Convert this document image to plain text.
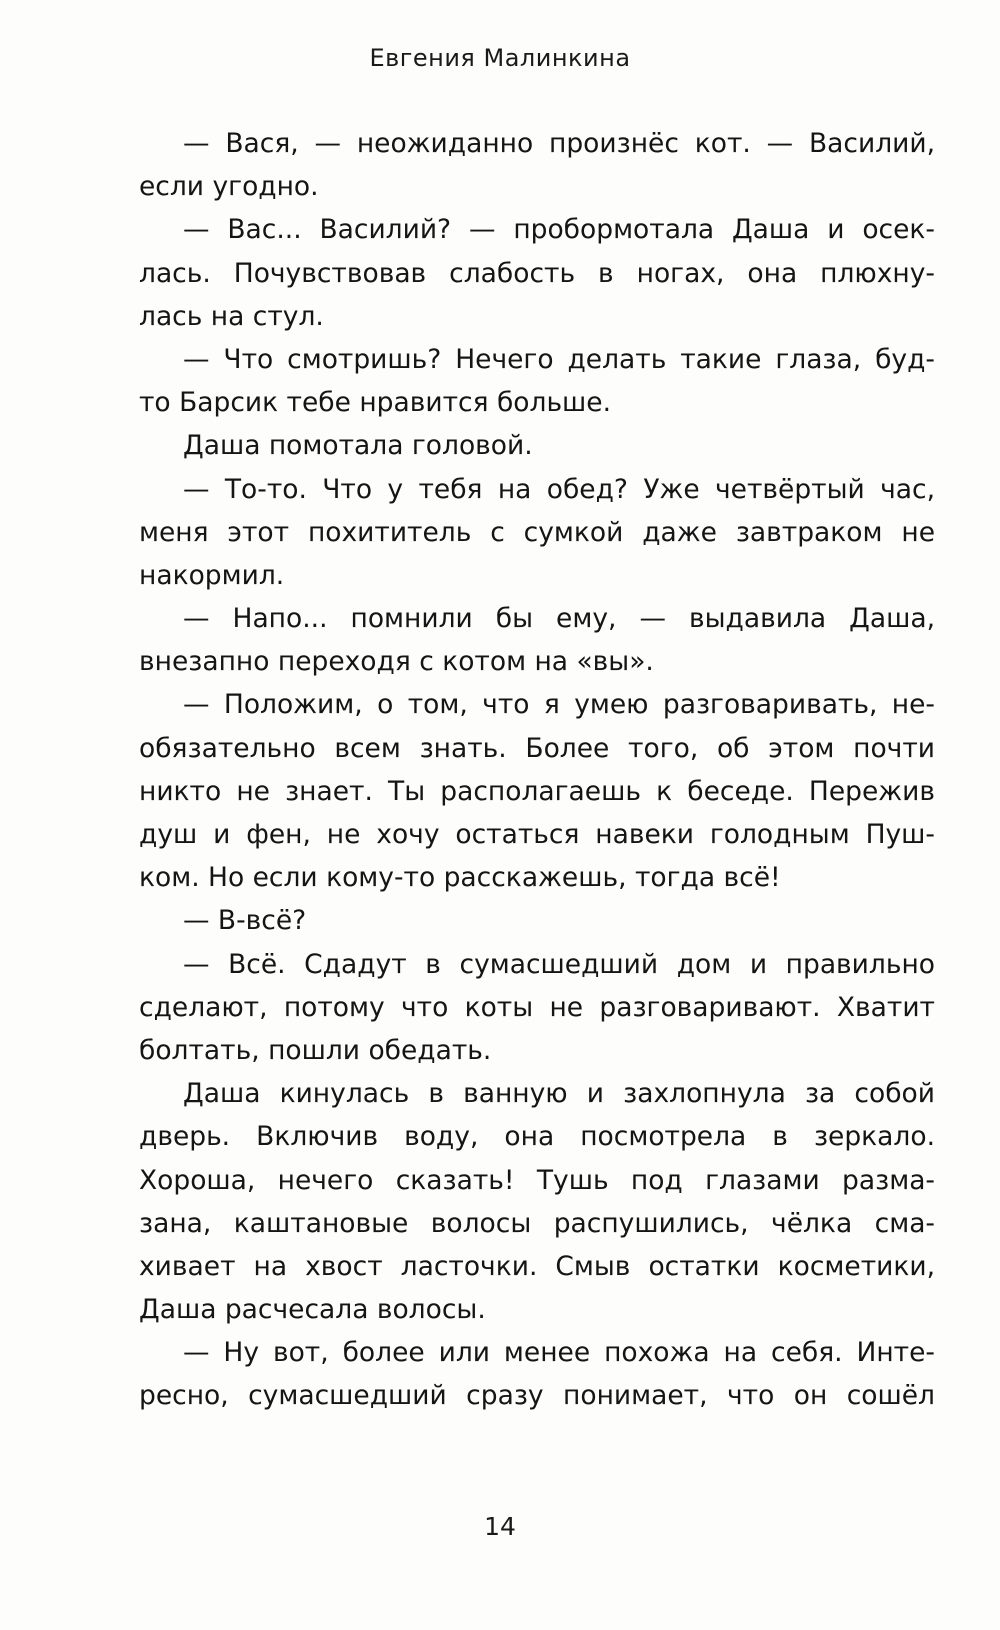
Евгения Малинкина
— Вася, — неожиданно произнёс кот. — Василий,
если угодно.
— Вас... Василий? — пробормотала Даша и осек-
лась. Почувствовав слабость в ногах, она плюхну-
лась на стул.
— Что смотришь? Нечего делать такие глаза, буд-
то Барсик тебе нравится больше.
Даша помотала головой.
— То-то. Что у тебя на обед? Уже четвёртый час,
меня этот похититель с сумкой даже завтраком не
накормил.
— Напо... помнили бы ему, — выдавила Даша,
внезапно переходя с котом на «вы».
— Положим, о том, что я умею разговаривать, не-
обязательно всем знать. Более того, об этом почти
никто не знает. Ты располагаешь к беседе. Пережив
душ и фен, не хочу остаться навеки голодным Пуш-
ком. Но если кому-то расскажешь, тогда всё!
— В-всё?
— Всё. Сдадут в сумасшедший дом и правильно
сделают, потому что коты не разговаривают. Хватит
болтать, пошли обедать.
Даша кинулась в ванную и захлопнула за собой
дверь. Включив воду, она посмотрела в зеркало.
Хороша, нечего сказать! Тушь под глазами разма-
зана, каштановые волосы распушились, чёлка сма-
хивает на хвост ласточки. Смыв остатки косметики,
Даша расчесала волосы.
— Ну вот, более или менее похожа на себя. Инте-
ресно, сумасшедший сразу понимает, что он сошёл
14
